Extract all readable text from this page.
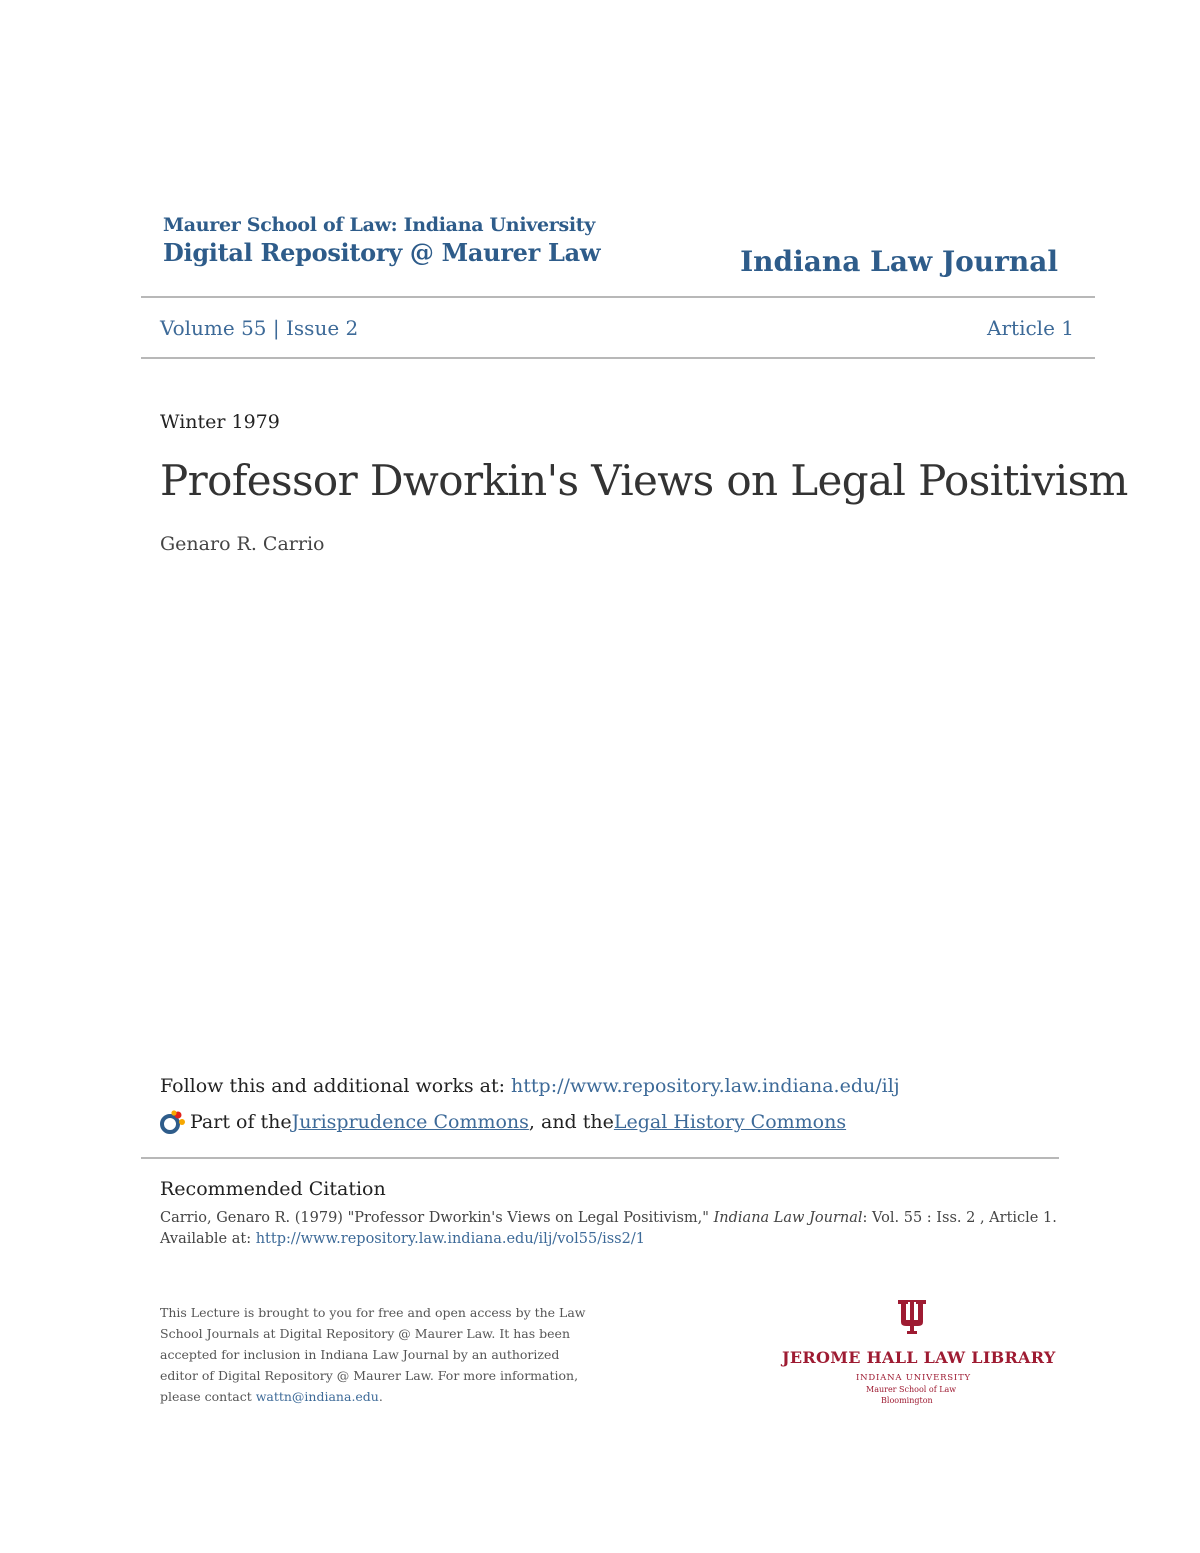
Maurer School of Law: Indiana University
Digital Repository @ Maurer Law	Indiana Law Journal
Volume 55 | Issue 2	Article 1
Winter 1979
Professor Dworkin's Views on Legal Positivism
Genaro R. Carrio
Follow this and additional works at: http://www.repository.law.indiana.edu/ilj
Part of the Jurisprudence Commons , and the Legal History Commons
Recommended Citation
Carrio, Genaro R. (1979) "Professor Dworkin's Views on Legal Positivism," Indiana Law Journal: Vol. 55 : Iss. 2 , Article 1.
Available at: http://www.repository.law.indiana.edu/ilj/vol55/iss2/1
This Lecture is brought to you for free and open access by the Law School Journals at Digital Repository @ Maurer Law. It has been accepted for inclusion in Indiana Law Journal by an authorized editor of Digital Repository @ Maurer Law. For more information, please contact wattn@indiana.edu.
JEROME HALL LAW LIBRARY
INDIANA UNIVERSITY
Maurer School of Law
Bloomington
